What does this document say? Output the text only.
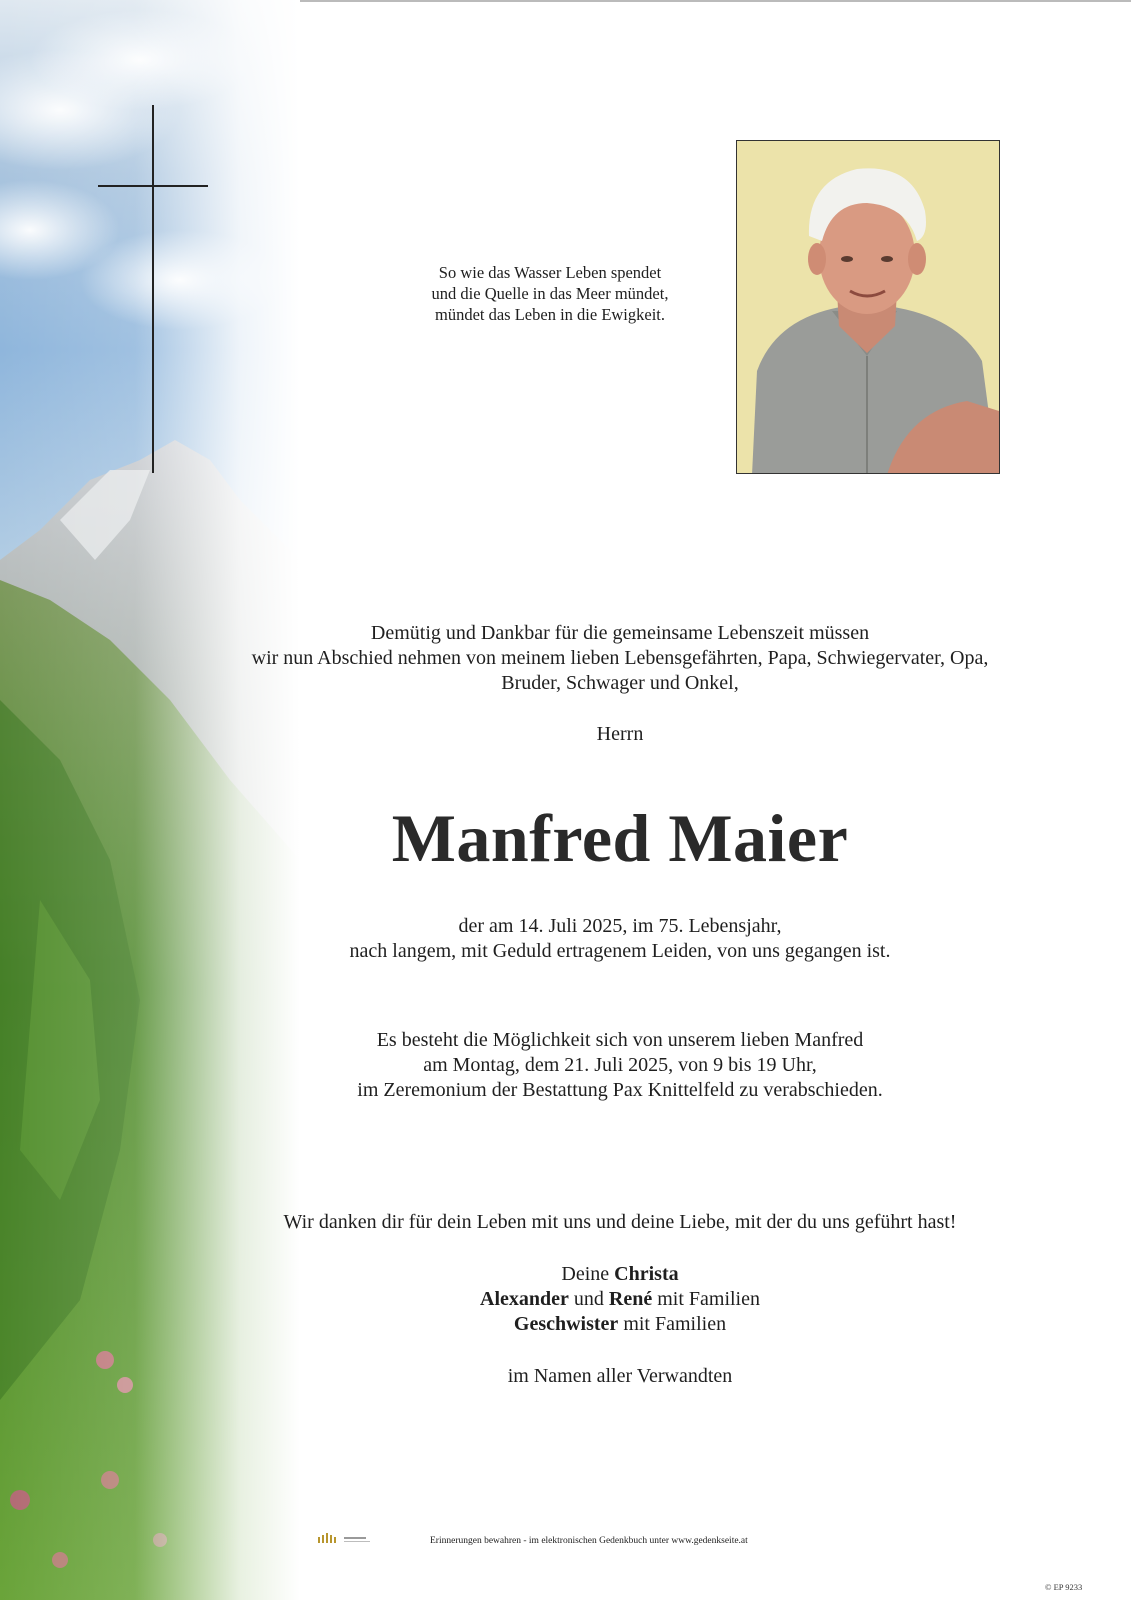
So wie das Wasser Leben spendet
und die Quelle in das Meer mündet,
mündet das Leben in die Ewigkeit.
Demütig und Dankbar für die gemeinsame Lebenszeit müssen
wir nun Abschied nehmen von meinem lieben Lebensgefährten, Papa, Schwiegervater, Opa,
Bruder, Schwager und Onkel,
Herrn
Manfred Maier
der am 14. Juli 2025, im 75. Lebensjahr,
nach langem, mit Geduld ertragenem Leiden, von uns gegangen ist.
Es besteht die Möglichkeit sich von unserem lieben Manfred
am Montag, dem 21. Juli 2025, von 9 bis 19 Uhr,
im Zeremonium der Bestattung Pax Knittelfeld zu verabschieden.
Wir danken dir für dein Leben mit uns und deine Liebe, mit der du uns geführt hast!
Deine Christa
Alexander und René mit Familien
Geschwister mit Familien
im Namen aller Verwandten
Erinnerungen bewahren - im elektronischen Gedenkbuch unter www.gedenkseite.at
© EP 9233
